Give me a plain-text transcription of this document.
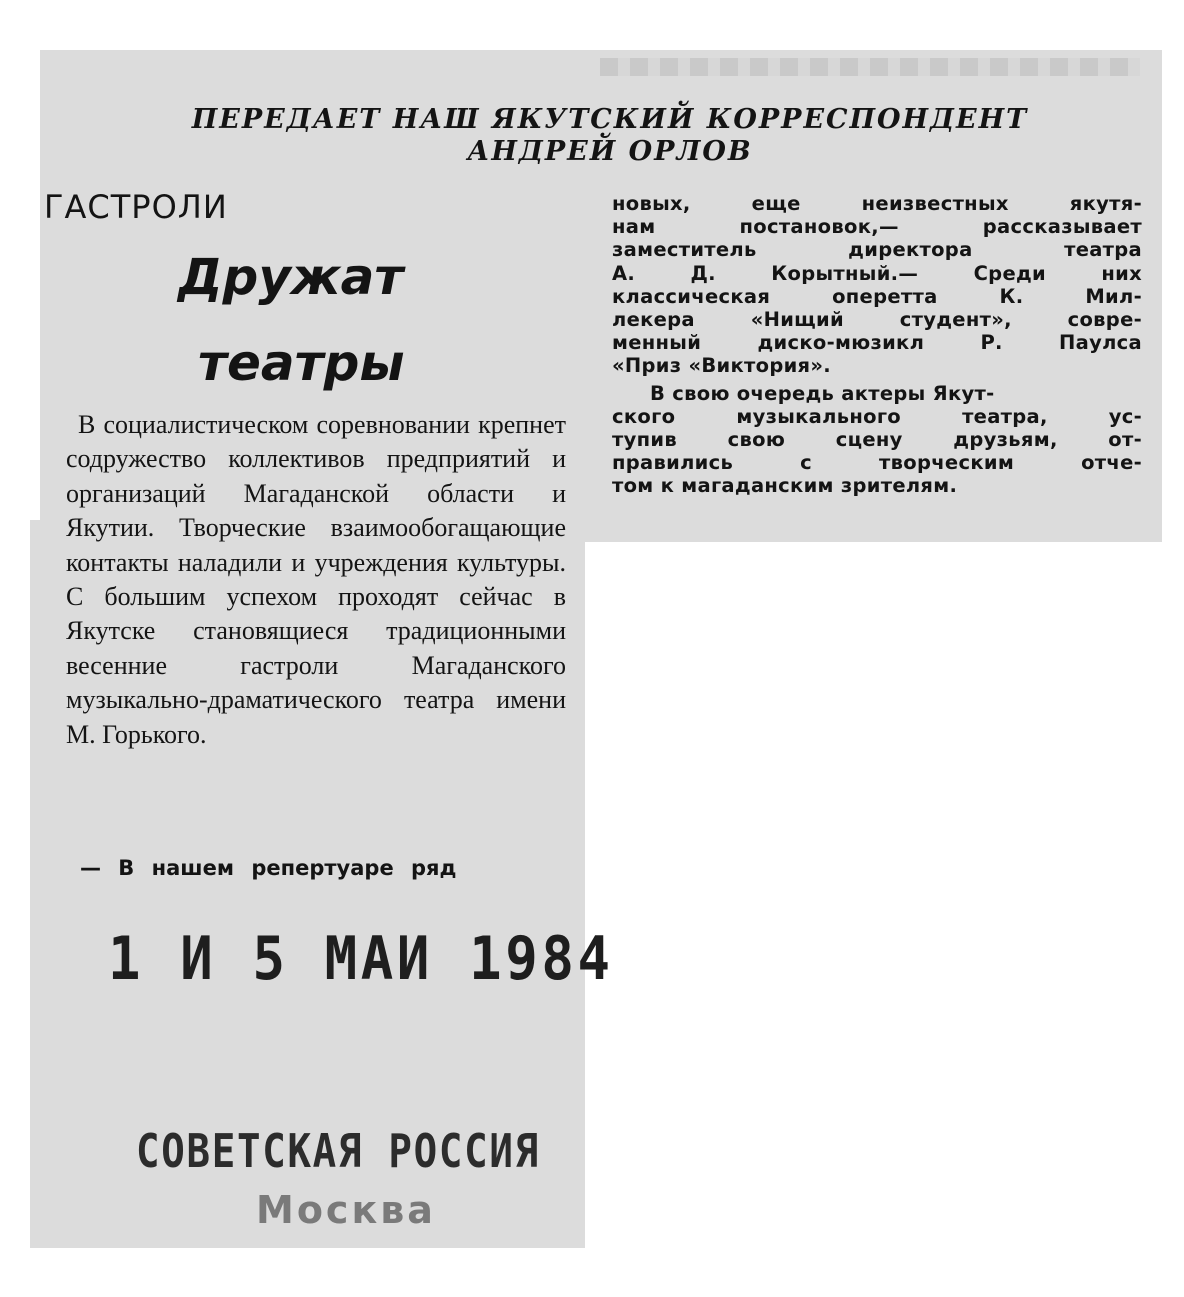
ПЕРЕДАЕТ НАШ ЯКУТСКИЙ КОРРЕСПОНДЕНТ
АНДРЕЙ ОРЛОВ
ГАСТРОЛИ
Дружат
театры

В социалистическом соревновании крепнет содружество коллективов предприятий и организаций Магаданской области и Якутии. Творческие взаимообогащающие контакты наладили и учреждения культуры. С большим успехом проходят сейчас в Якутске становящиеся традиционными весенние гастроли Магаданского музыкально-драматического театра имени М. Горького.

— В нашем репертуаре ряд

новых, еще неизвестных якутя-
нам постановок,— рассказывает
заместитель директора театра
А. Д. Корытный.— Среди них
классическая оперетта К. Мил-
лекера «Нищий студент», совре-
менный диско-мюзикл Р. Паулса
«Приз «Виктория».

В свою очередь актеры Якут-

ского музыкального театра, ус-
тупив свою сцену друзьям, от-
правились с творческим отче-
том к магаданским зрителям.

1 И 5 МАИ 1984
СОВЕТСКАЯ РОССИЯ
Москва
